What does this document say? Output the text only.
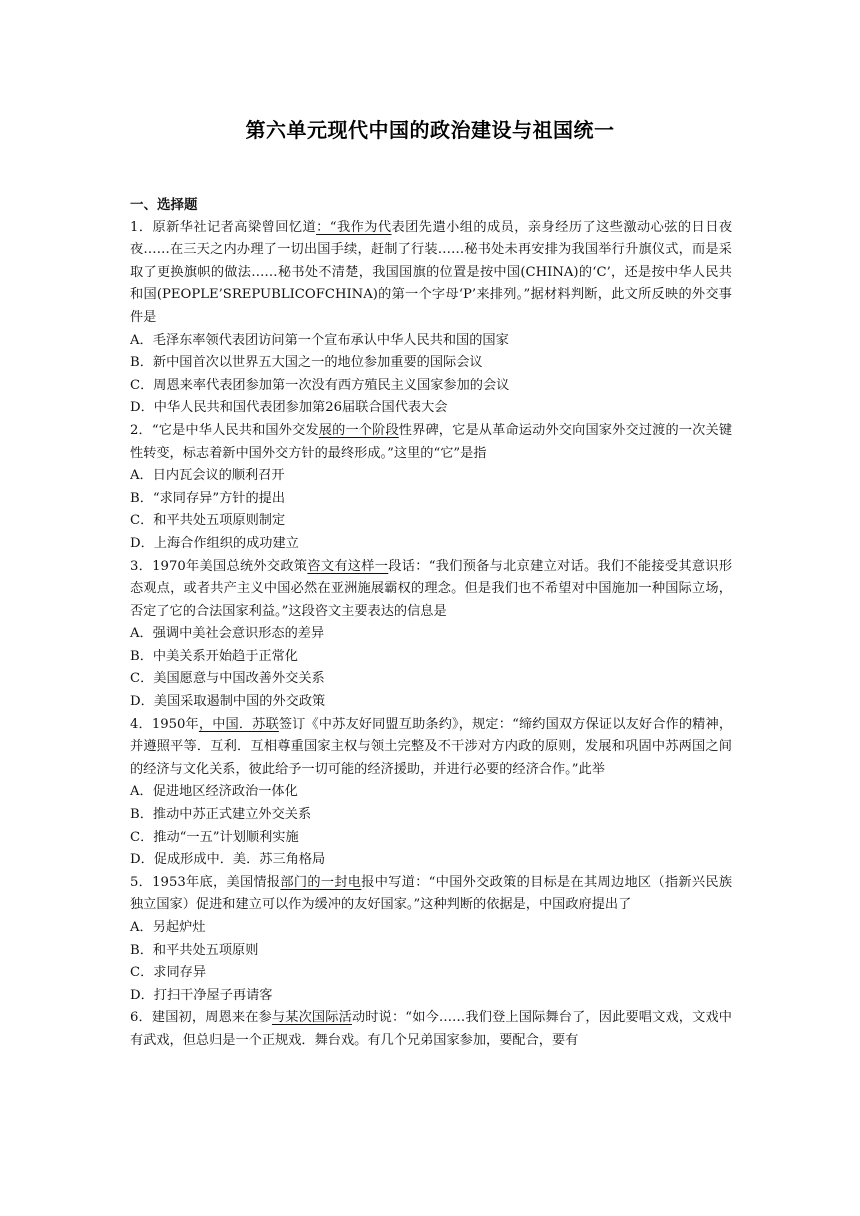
第六单元现代中国的政治建设与祖国统一

一、选择题

1．原新华社记者高梁曾回忆道：“我作为代表团先遣小组的成员，亲身经历了这些激动心弦的日日夜夜……在三天之内办理了一切出国手续，赶制了行装……秘书处未再安排为我国举行升旗仪式，而是采取了更换旗帜的做法……秘书处不清楚，我国国旗的位置是按中国(CHINA)的‘C’，还是按中华人民共和国(PEOPLE’SREPUBLICOFCHINA)的第一个字母‘P’来排列。”据材料判断，此文所反映的外交事件是

A．毛泽东率领代表团访问第一个宣布承认中华人民共和国的国家

B．新中国首次以世界五大国之一的地位参加重要的国际会议

C．周恩来率代表团参加第一次没有西方殖民主义国家参加的会议

D．中华人民共和国代表团参加第26届联合国代表大会

2．“它是中华人民共和国外交发展的一个阶段性界碑，它是从革命运动外交向国家外交过渡的一次关键性转变，标志着新中国外交方针的最终形成。”这里的“它”是指

A．日内瓦会议的顺利召开

B．“求同存异”方针的提出

C．和平共处五项原则制定

D．上海合作组织的成功建立

3．1970年美国总统外交政策咨文有这样一段话：“我们预备与北京建立对话。我们不能接受其意识形态观点，或者共产主义中国必然在亚洲施展霸权的理念。但是我们也不希望对中国施加一种国际立场，否定了它的合法国家利益。”这段咨文主要表达的信息是

A．强调中美社会意识形态的差异

B．中美关系开始趋于正常化

C．美国愿意与中国改善外交关系

D．美国采取遏制中国的外交政策

4．1950年，中国．苏联签订《中苏友好同盟互助条约》，规定：“缔约国双方保证以友好合作的精神，并遵照平等．互利．互相尊重国家主权与领土完整及不干涉对方内政的原则，发展和巩固中苏两国之间的经济与文化关系，彼此给予一切可能的经济援助，并进行必要的经济合作。”此举

A．促进地区经济政治一体化

B．推动中苏正式建立外交关系

C．推动“一五”计划顺利实施

D．促成形成中．美．苏三角格局

5．1953年底，美国情报部门的一封电报中写道：“中国外交政策的目标是在其周边地区（指新兴民族独立国家）促进和建立可以作为缓冲的友好国家。”这种判断的依据是，中国政府提出了

A．另起炉灶

B．和平共处五项原则

C．求同存异

D．打扫干净屋子再请客

6．建国初，周恩来在参与某次国际活动时说：“如今……我们登上国际舞台了，因此要唱文戏，文戏中有武戏，但总归是一个正规戏．舞台戏。有几个兄弟国家参加，要配合，要有
